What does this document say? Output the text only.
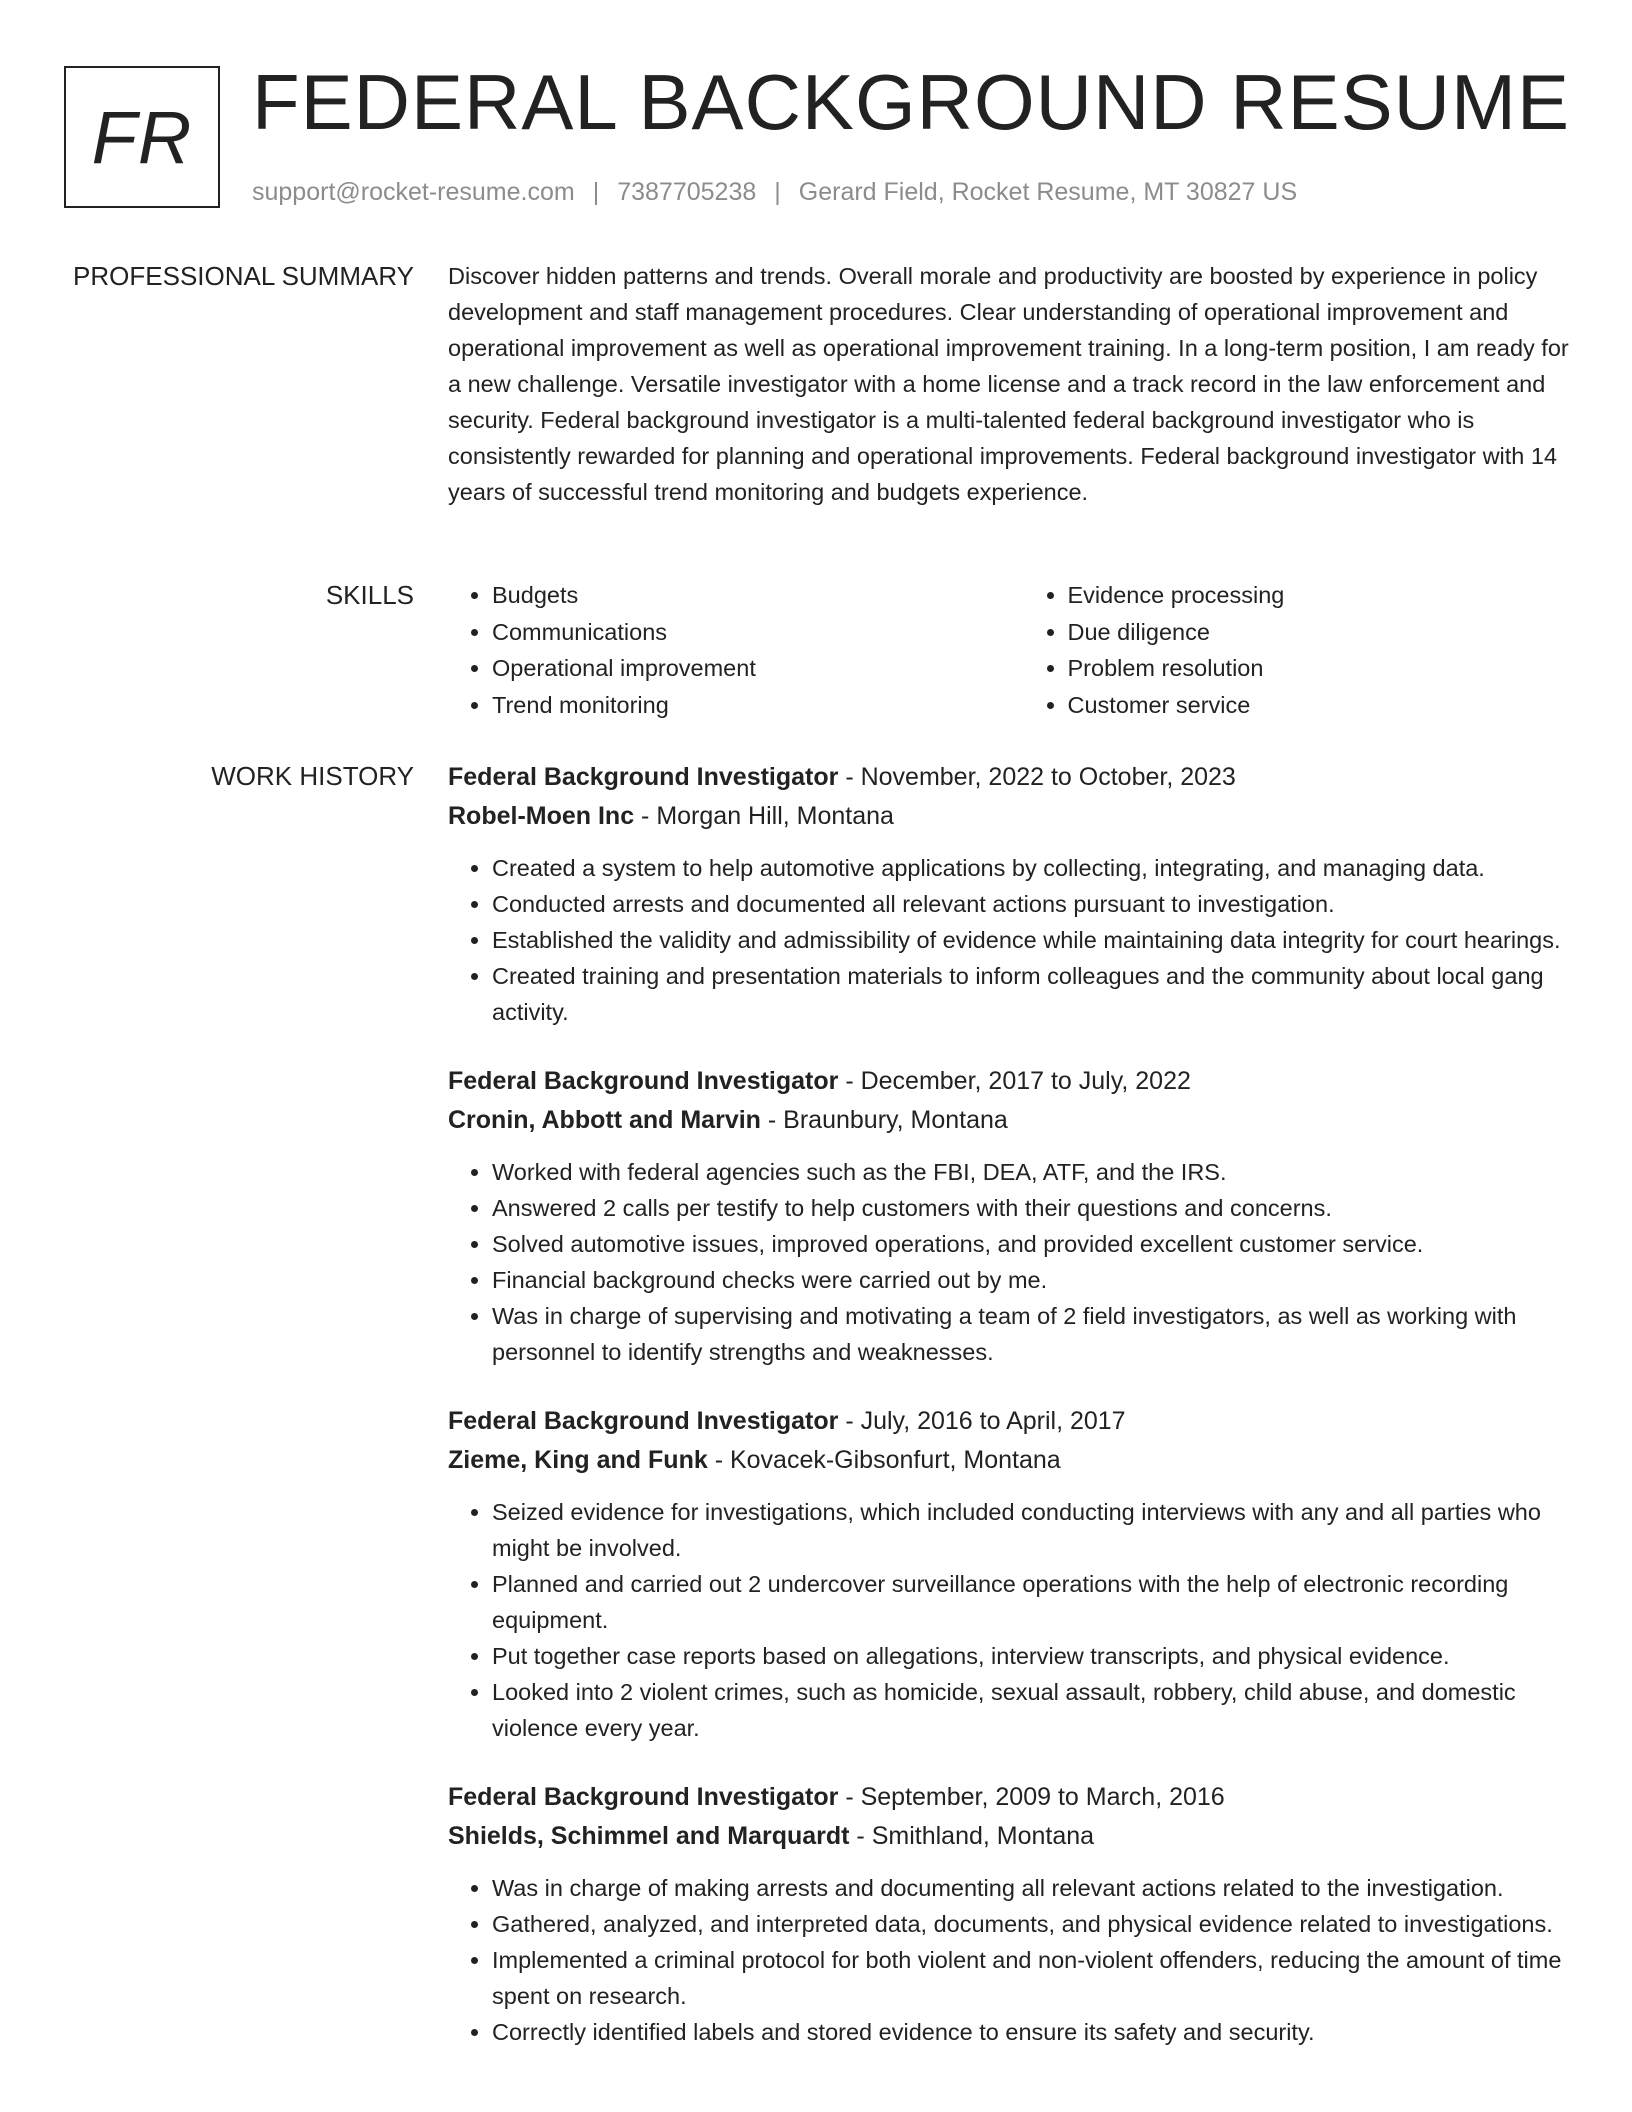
FR FEDERAL BACKGROUND RESUME
support@rocket-resume.com | 7387705238 | Gerard Field, Rocket Resume, MT 30827 US
PROFESSIONAL SUMMARY Discover hidden patterns and trends. Overall morale and productivity are boosted by experience in policy development and staff management procedures. Clear understanding of operational improvement and operational improvement as well as operational improvement training. In a long-term position, I am ready for a new challenge. Versatile investigator with a home license and a track record in the law enforcement and security. Federal background investigator is a multi-talented federal background investigator who is consistently rewarded for planning and operational improvements. Federal background investigator with 14 years of successful trend monitoring and budgets experience.

SKILLS
•	Budgets
• Communications
• Operational improvement
• Trend monitoring
• Evidence processing
• Due diligence
• Problem resolution
• Customer service
WORK HISTORY Federal Background Investigator - November, 2022 to October, 2023
Robel-Moen Inc - Morgan Hill, Montana
• Created a system to help automotive applications by collecting, integrating, and managing data.
• Conducted arrests and documented all relevant actions pursuant to investigation.
• Established the validity and admissibility of evidence while maintaining data integrity for court hearings.
• Created training and presentation materials to inform colleagues and the community about local gang activity.
Federal Background Investigator - December, 2017 to July, 2022
Cronin, Abbott and Marvin - Braunbury, Montana
• Worked with federal agencies such as the FBI, DEA, ATF, and the IRS.
• Answered 2 calls per testify to help customers with their questions and concerns.
• Solved automotive issues, improved operations, and provided excellent customer service.
• Financial background checks were carried out by me.
• Was in charge of supervising and motivating a team of 2 field investigators, as well as working with personnel to identify strengths and weaknesses.
Federal Background Investigator - July, 2016 to April, 2017
Zieme, King and Funk - Kovacek-Gibsonfurt, Montana
• Seized evidence for investigations, which included conducting interviews with any and all parties who might be involved.
• Planned and carried out 2 undercover surveillance operations with the help of electronic recording equipment.
• Put together case reports based on allegations, interview transcripts, and physical evidence.
• Looked into 2 violent crimes, such as homicide, sexual assault, robbery, child abuse, and domestic violence every year.
Federal Background Investigator - September, 2009 to March, 2016
Shields, Schimmel and Marquardt - Smithland, Montana
• Was in charge of making arrests and documenting all relevant actions related to the investigation.
• Gathered, analyzed, and interpreted data, documents, and physical evidence related to investigations.
• Implemented a criminal protocol for both violent and non-violent offenders, reducing the amount of time spent on research.
• Correctly identified labels and stored evidence to ensure its safety and security.
